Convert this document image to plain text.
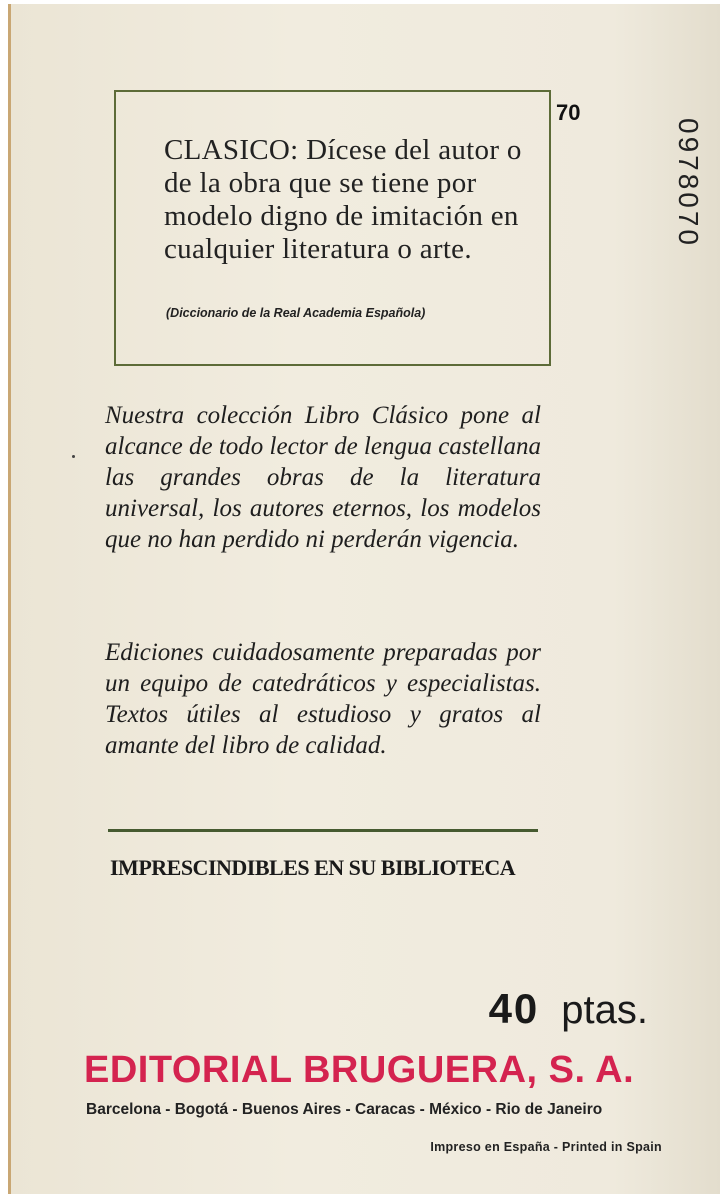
CLASICO: Dícese del autor o de la obra que se tiene por modelo digno de imitación en cualquier literatura o arte.
(Diccionario de la Real Academia Española)
70
0978070
Nuestra colección Libro Clásico pone al alcance de todo lector de lengua castellana las grandes obras de la literatura universal, los autores eternos, los modelos que no han perdido ni perderán vigencia.
Ediciones cuidadosamente preparadas por un equipo de catedráticos y especialistas. Textos útiles al estudioso y gratos al amante del libro de calidad.
IMPRESCINDIBLES EN SU BIBLIOTECA
40 ptas.
EDITORIAL BRUGUERA, S. A.
Barcelona - Bogotá - Buenos Aires - Caracas - México - Rio de Janeiro
Impreso en España - Printed in Spain
